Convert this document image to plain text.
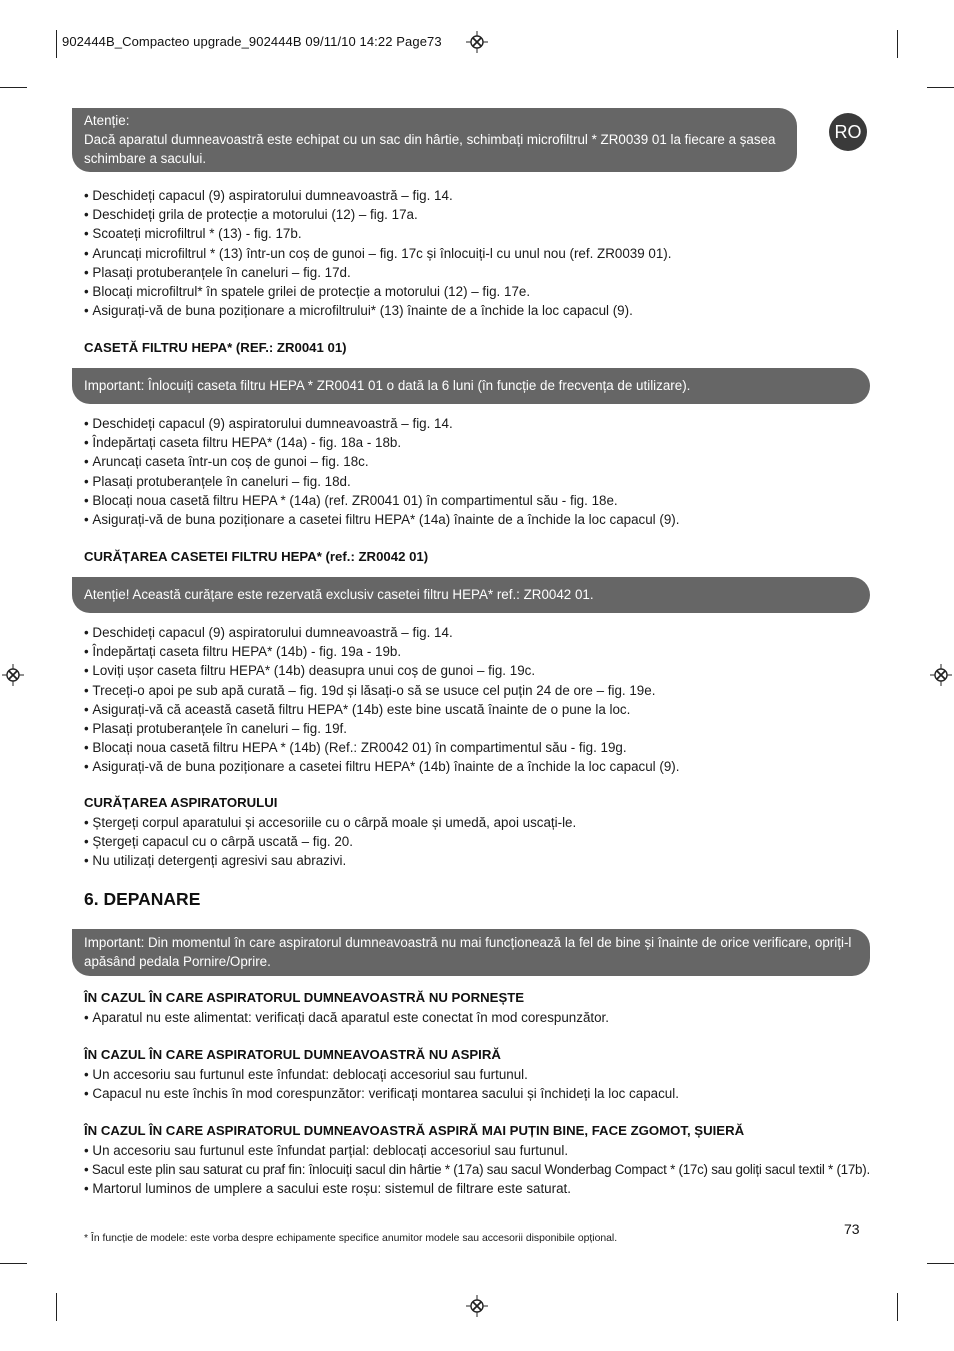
902444B_Compacteo upgrade_902444B 09/11/10 14:22 Page73
RO
Atenție:
Dacă aparatul dumneavoastră este echipat cu un sac din hârtie, schimbați microfiltrul * ZR0039 01 la fiecare a șasea schimbare a sacului.
• Deschideți capacul (9) aspiratorului dumneavoastră – fig. 14.
• Deschideți grila de protecție a motorului (12) – fig. 17a.
• Scoateți microfiltrul * (13) - fig. 17b.
• Aruncați microfiltrul * (13) într-un coș de gunoi – fig. 17c și înlocuiți-l cu unul nou (ref. ZR0039 01).
• Plasați protuberanțele în caneluri – fig. 17d.
• Blocați microfiltrul* în spatele grilei de protecție a motorului (12) – fig. 17e.
• Asigurați-vă de buna poziționare a microfiltrului* (13) înainte de a închide la loc capacul (9).
CASETĂ FILTRU HEPA* (REF.: ZR0041 01)
Important: Înlocuiți caseta filtru HEPA * ZR0041 01 o dată la 6 luni (în funcție de frecvența de utilizare).
• Deschideți capacul (9) aspiratorului dumneavoastră – fig. 14.
• Îndepărtați caseta filtru HEPA* (14a) - fig. 18a - 18b.
• Aruncați caseta într-un coș de gunoi – fig. 18c.
• Plasați protuberanțele în caneluri – fig. 18d.
• Blocați noua casetă filtru HEPA * (14a) (ref. ZR0041 01) în compartimentul său - fig. 18e.
• Asigurați-vă de buna poziționare a casetei filtru HEPA* (14a) înainte de a închide la loc capacul (9).
CURĂȚAREA CASETEI FILTRU HEPA* (ref.: ZR0042 01)
Atenție! Această curățare este rezervată exclusiv casetei filtru HEPA* ref.: ZR0042 01.
• Deschideți capacul (9) aspiratorului dumneavoastră – fig. 14.
• Îndepărtați caseta filtru HEPA* (14b) - fig. 19a - 19b.
• Loviți ușor caseta filtru HEPA* (14b) deasupra unui coș de gunoi – fig. 19c.
• Treceți-o apoi pe sub apă curată – fig. 19d și lăsați-o să se usuce cel puțin 24 de ore – fig. 19e.
• Asigurați-vă că această casetă filtru HEPA* (14b) este bine uscată înainte de o pune la loc.
• Plasați protuberanțele în caneluri – fig. 19f.
• Blocați noua casetă filtru HEPA * (14b) (Ref.: ZR0042 01) în compartimentul său - fig. 19g.
• Asigurați-vă de buna poziționare a casetei filtru HEPA* (14b) înainte de a închide la loc capacul (9).
CURĂȚAREA ASPIRATORULUI
• Ștergeți corpul aparatului și accesoriile cu o cârpă moale și umedă, apoi uscați-le.
• Ștergeți capacul cu o cârpă uscată – fig. 20.
• Nu utilizați detergenți agresivi sau abrazivi.
6. DEPANARE
Important: Din momentul în care aspiratorul dumneavoastră nu mai funcționează la fel de bine și înainte de orice verificare, opriți-l apăsând pedala Pornire/Oprire.
ÎN CAZUL ÎN CARE ASPIRATORUL DUMNEAVOASTRĂ NU PORNEȘTE
• Aparatul nu este alimentat: verificați dacă aparatul este conectat în mod corespunzător.
ÎN CAZUL ÎN CARE ASPIRATORUL DUMNEAVOASTRĂ NU ASPIRĂ
• Un accesoriu sau furtunul este înfundat: deblocați accesoriul sau furtunul.
• Capacul nu este închis în mod corespunzător: verificați montarea sacului și închideți la loc capacul.
ÎN CAZUL ÎN CARE ASPIRATORUL DUMNEAVOASTRĂ ASPIRĂ MAI PUȚIN BINE, FACE ZGOMOT, ȘUIERĂ
• Un accesoriu sau furtunul este înfundat parțial: deblocați accesoriul sau furtunul.
• Sacul este plin sau saturat cu praf fin: înlocuiți sacul din hârtie * (17a) sau sacul Wonderbag Compact * (17c) sau goliți sacul textil * (17b).
• Martorul luminos de umplere a sacului este roșu: sistemul de filtrare este saturat.
73
* În funcție de modele: este vorba despre echipamente specifice anumitor modele sau accesorii disponibile opțional.
